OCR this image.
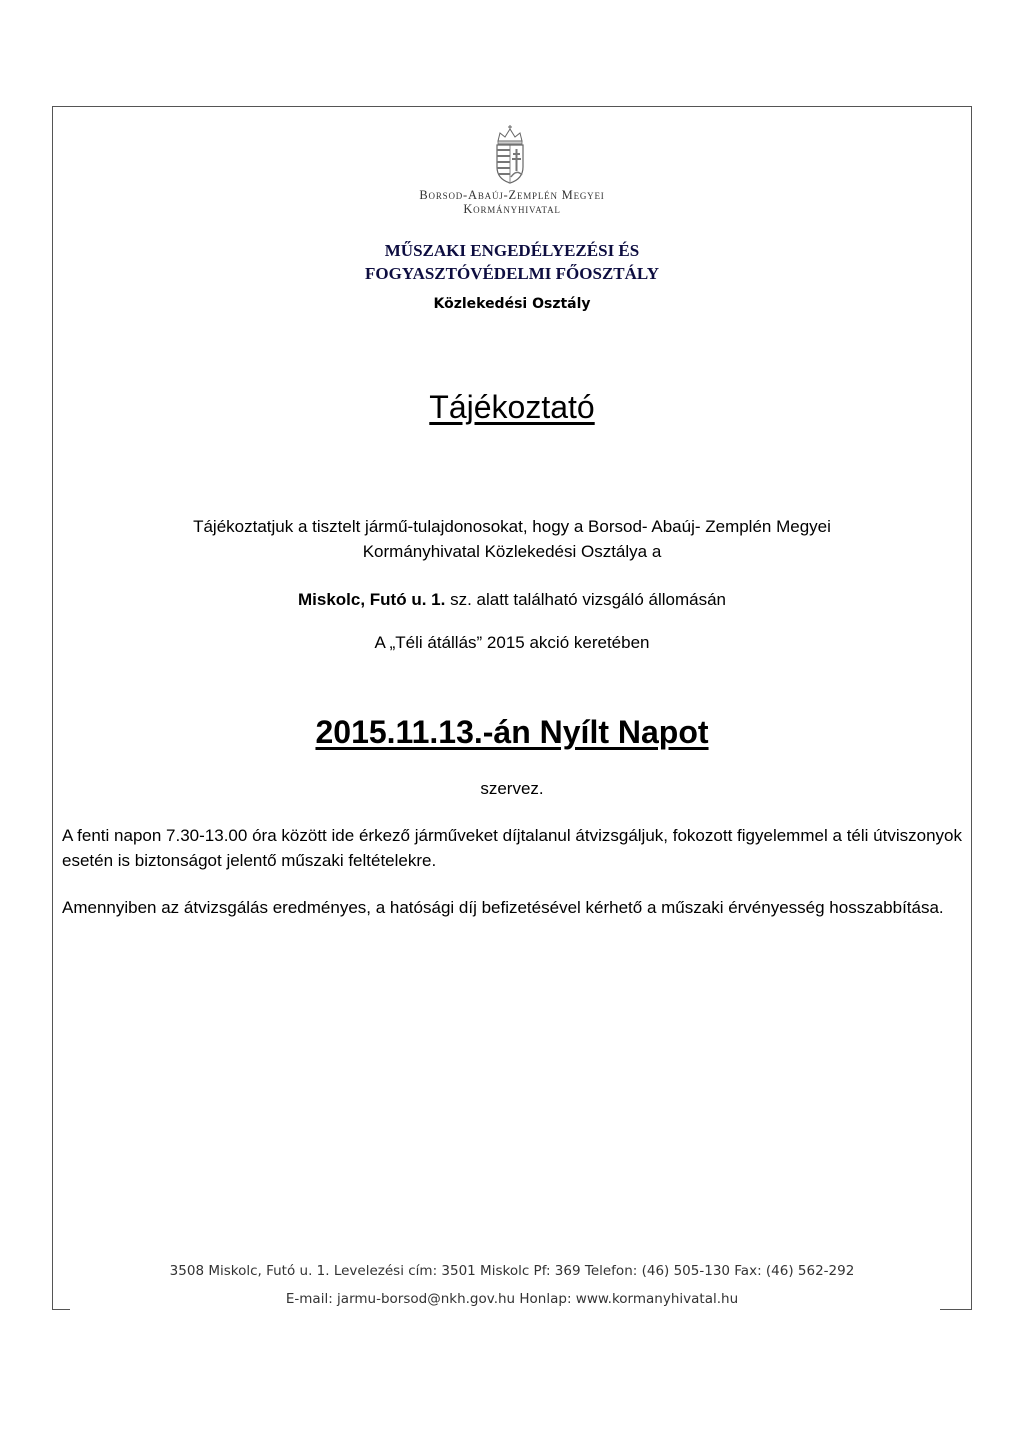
Borsod-Abaúj-Zemplén Megyei
Kormányhivatal
MŰSZAKI ENGEDÉLYEZÉSI ÉS
FOGYASZTÓVÉDELMI FŐOSZTÁLY
Közlekedési Osztály
Tájékoztató
Tájékoztatjuk a tisztelt jármű-tulajdonosokat, hogy a Borsod- Abaúj- Zemplén Megyei
Kormányhivatal Közlekedési Osztálya a
Miskolc, Futó u. 1. sz. alatt található vizsgáló állomásán
A „Téli átállás” 2015 akció keretében
2015.11.13.-án Nyílt Napot
szervez.
A fenti napon 7.30-13.00 óra között ide érkező járműveket díjtalanul átvizsgáljuk, fokozott figyelemmel a téli útviszonyok esetén is biztonságot jelentő műszaki feltételekre.
Amennyiben az átvizsgálás eredményes, a hatósági díj befizetésével kérhető a műszaki érvényesség hosszabbítása.
3508 Miskolc, Futó u. 1. Levelezési cím: 3501 Miskolc Pf: 369 Telefon: (46) 505-130 Fax: (46) 562-292
E-mail: jarmu-borsod@nkh.gov.hu Honlap: www.kormanyhivatal.hu
